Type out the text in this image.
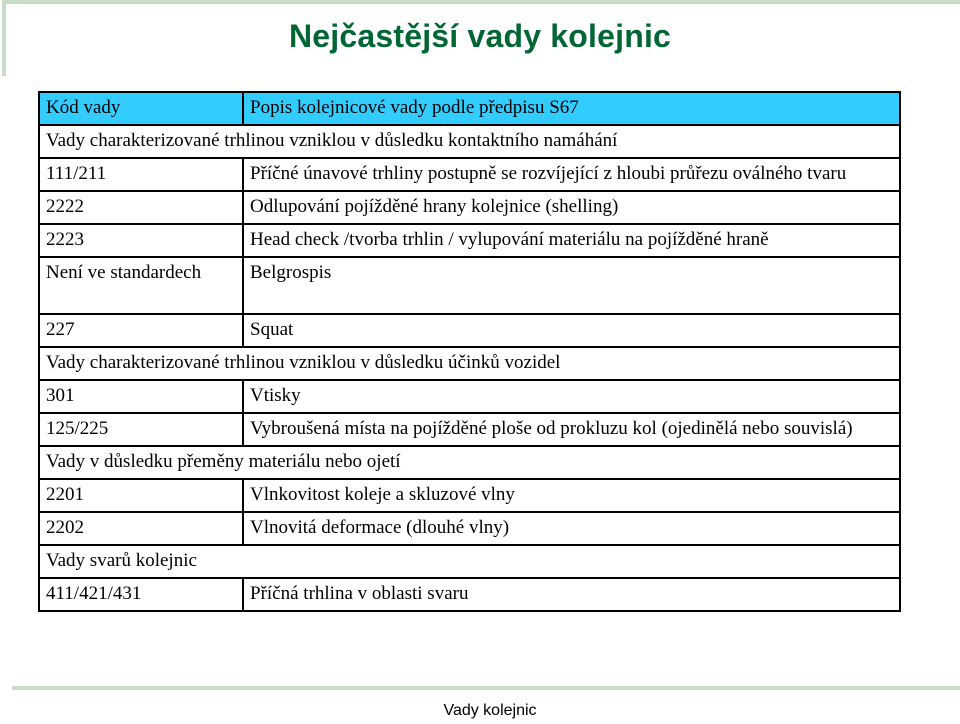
Nejčastější vady kolejnic
Kód vady	Popis kolejnicové vady podle předpisu S67
Vady charakterizované trhlinou vzniklou v důsledku kontaktního namáhání	
111/211	Příčné únavové trhliny postupně se rozvíjející z hloubi průřezu oválného tvaru
2222	Odlupování pojížděné hrany kolejnice (shelling)
2223	Head check /tvorba trhlin / vylupování materiálu na pojížděné hraně
Není ve standardech	Belgrospis
227	Squat
Vady charakterizované trhlinou vzniklou v důsledku účinků vozidel	
301	Vtisky
125/225	Vybroušená místa na pojížděné ploše od prokluzu kol (ojedinělá nebo souvislá)
Vady v důsledku přeměny materiálu nebo ojetí	
2201	Vlnkovitost koleje a skluzové vlny
2202	Vlnovitá deformace (dlouhé vlny)
Vady svarů kolejnic	
411/421/431	Příčná trhlina v oblasti svaru
Vady kolejnic
